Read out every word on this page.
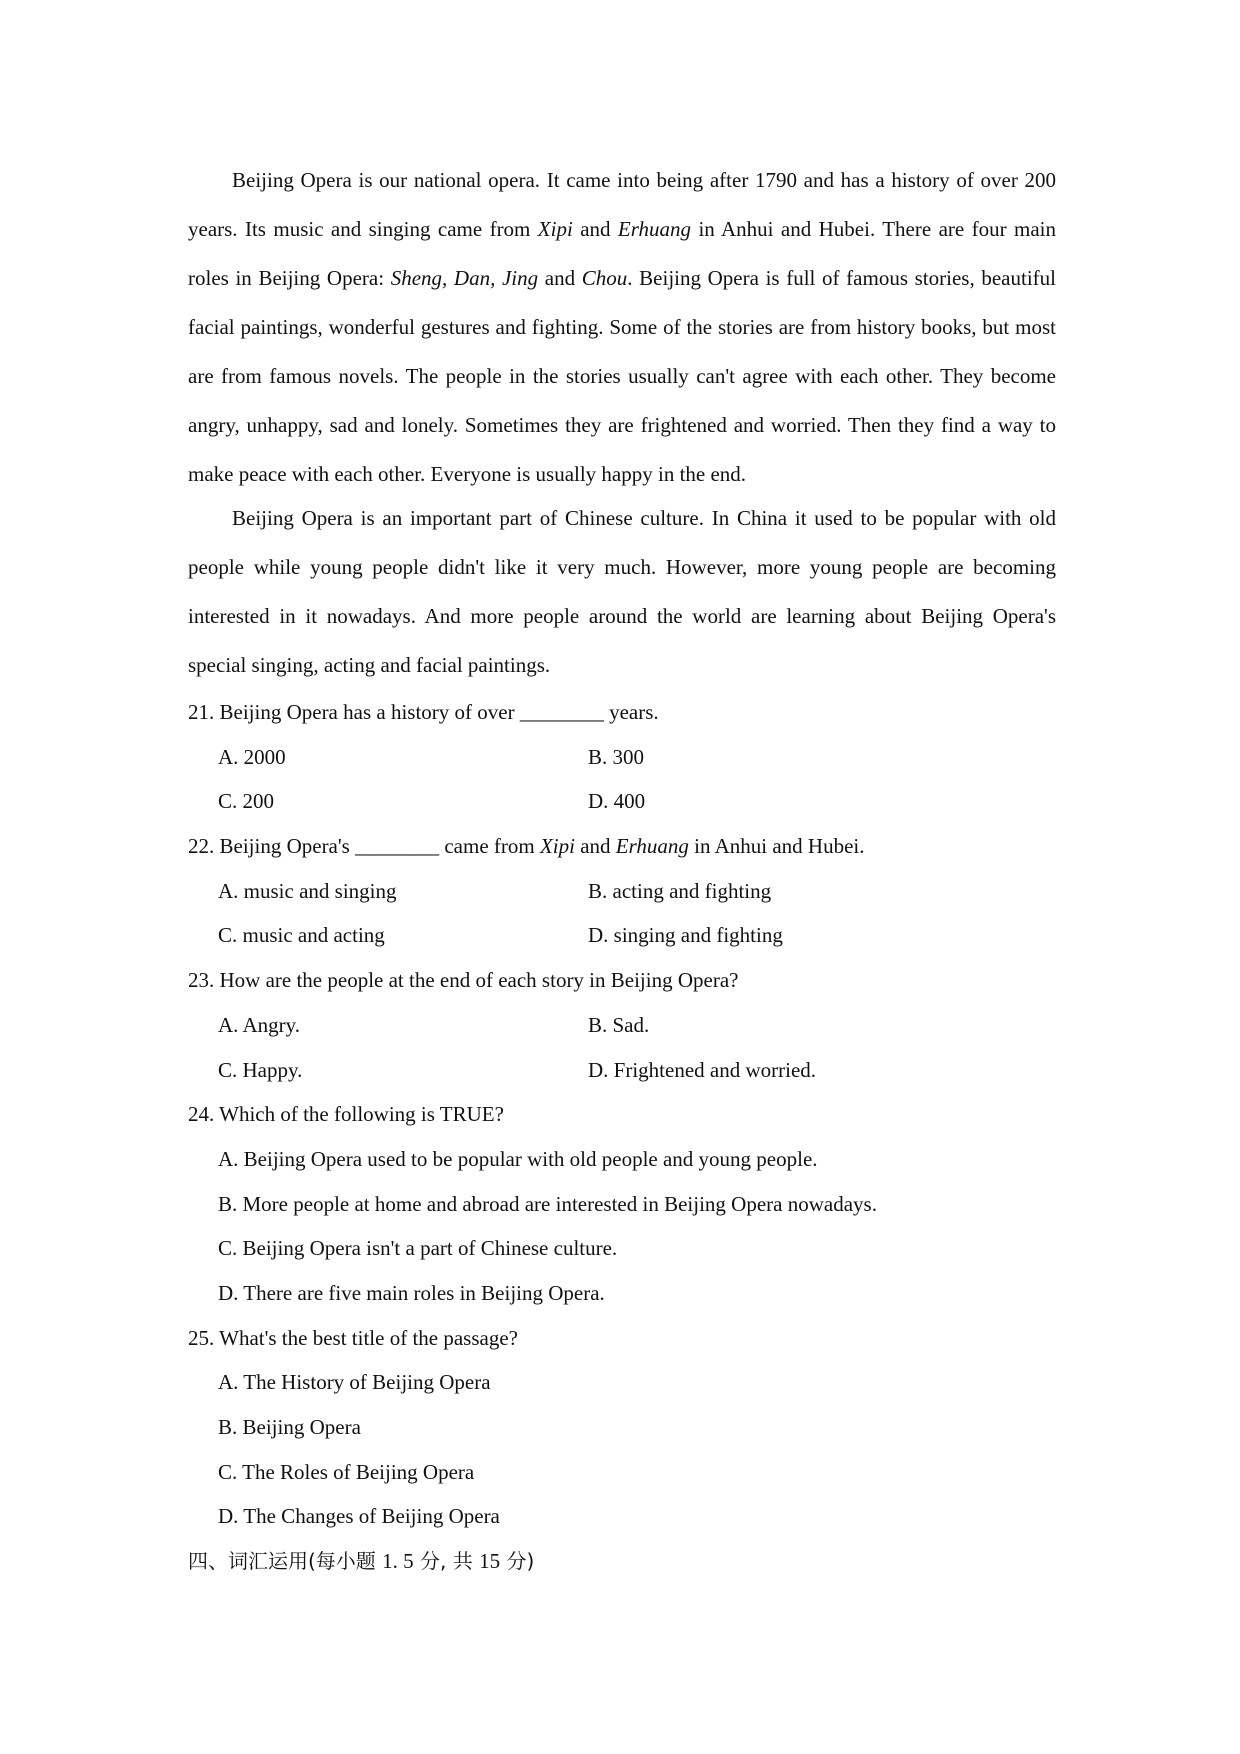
Beijing Opera is our national opera. It came into being after 1790 and has a history of over 200 years. Its music and singing came from Xipi and Erhuang in Anhui and Hubei. There are four main roles in Beijing Opera: Sheng, Dan, Jing and Chou. Beijing Opera is full of famous stories, beautiful facial paintings, wonderful gestures and fighting. Some of the stories are from history books, but most are from famous novels. The people in the stories usually can't agree with each other. They become angry, unhappy, sad and lonely. Sometimes they are frightened and worried. Then they find a way to make peace with each other. Everyone is usually happy in the end.

Beijing Opera is an important part of Chinese culture. In China it used to be popular with old people while young people didn't like it very much. However, more young people are becoming interested in it nowadays. And more people around the world are learning about Beijing Opera's special singing, acting and facial paintings.

21. Beijing Opera has a history of over ________ years.
A. 2000	B. 300
C. 200	D. 400
22. Beijing Opera's ________ came from Xipi and Erhuang in Anhui and Hubei.
A. music and singing	B. acting and fighting
C. music and acting	D. singing and fighting
23. How are the people at the end of each story in Beijing Opera?
A. Angry.	B. Sad.
C. Happy.	D. Frightened and worried.
24. Which of the following is TRUE?
A. Beijing Opera used to be popular with old people and young people.
B. More people at home and abroad are interested in Beijing Opera nowadays.
C. Beijing Opera isn't a part of Chinese culture.
D. There are five main roles in Beijing Opera.
25. What's the best title of the passage?
A. The History of Beijing Opera
B. Beijing Opera
C. The Roles of Beijing Opera
D. The Changes of Beijing Opera
四、词汇运用(每小题 1. 5 分, 共 15 分)
